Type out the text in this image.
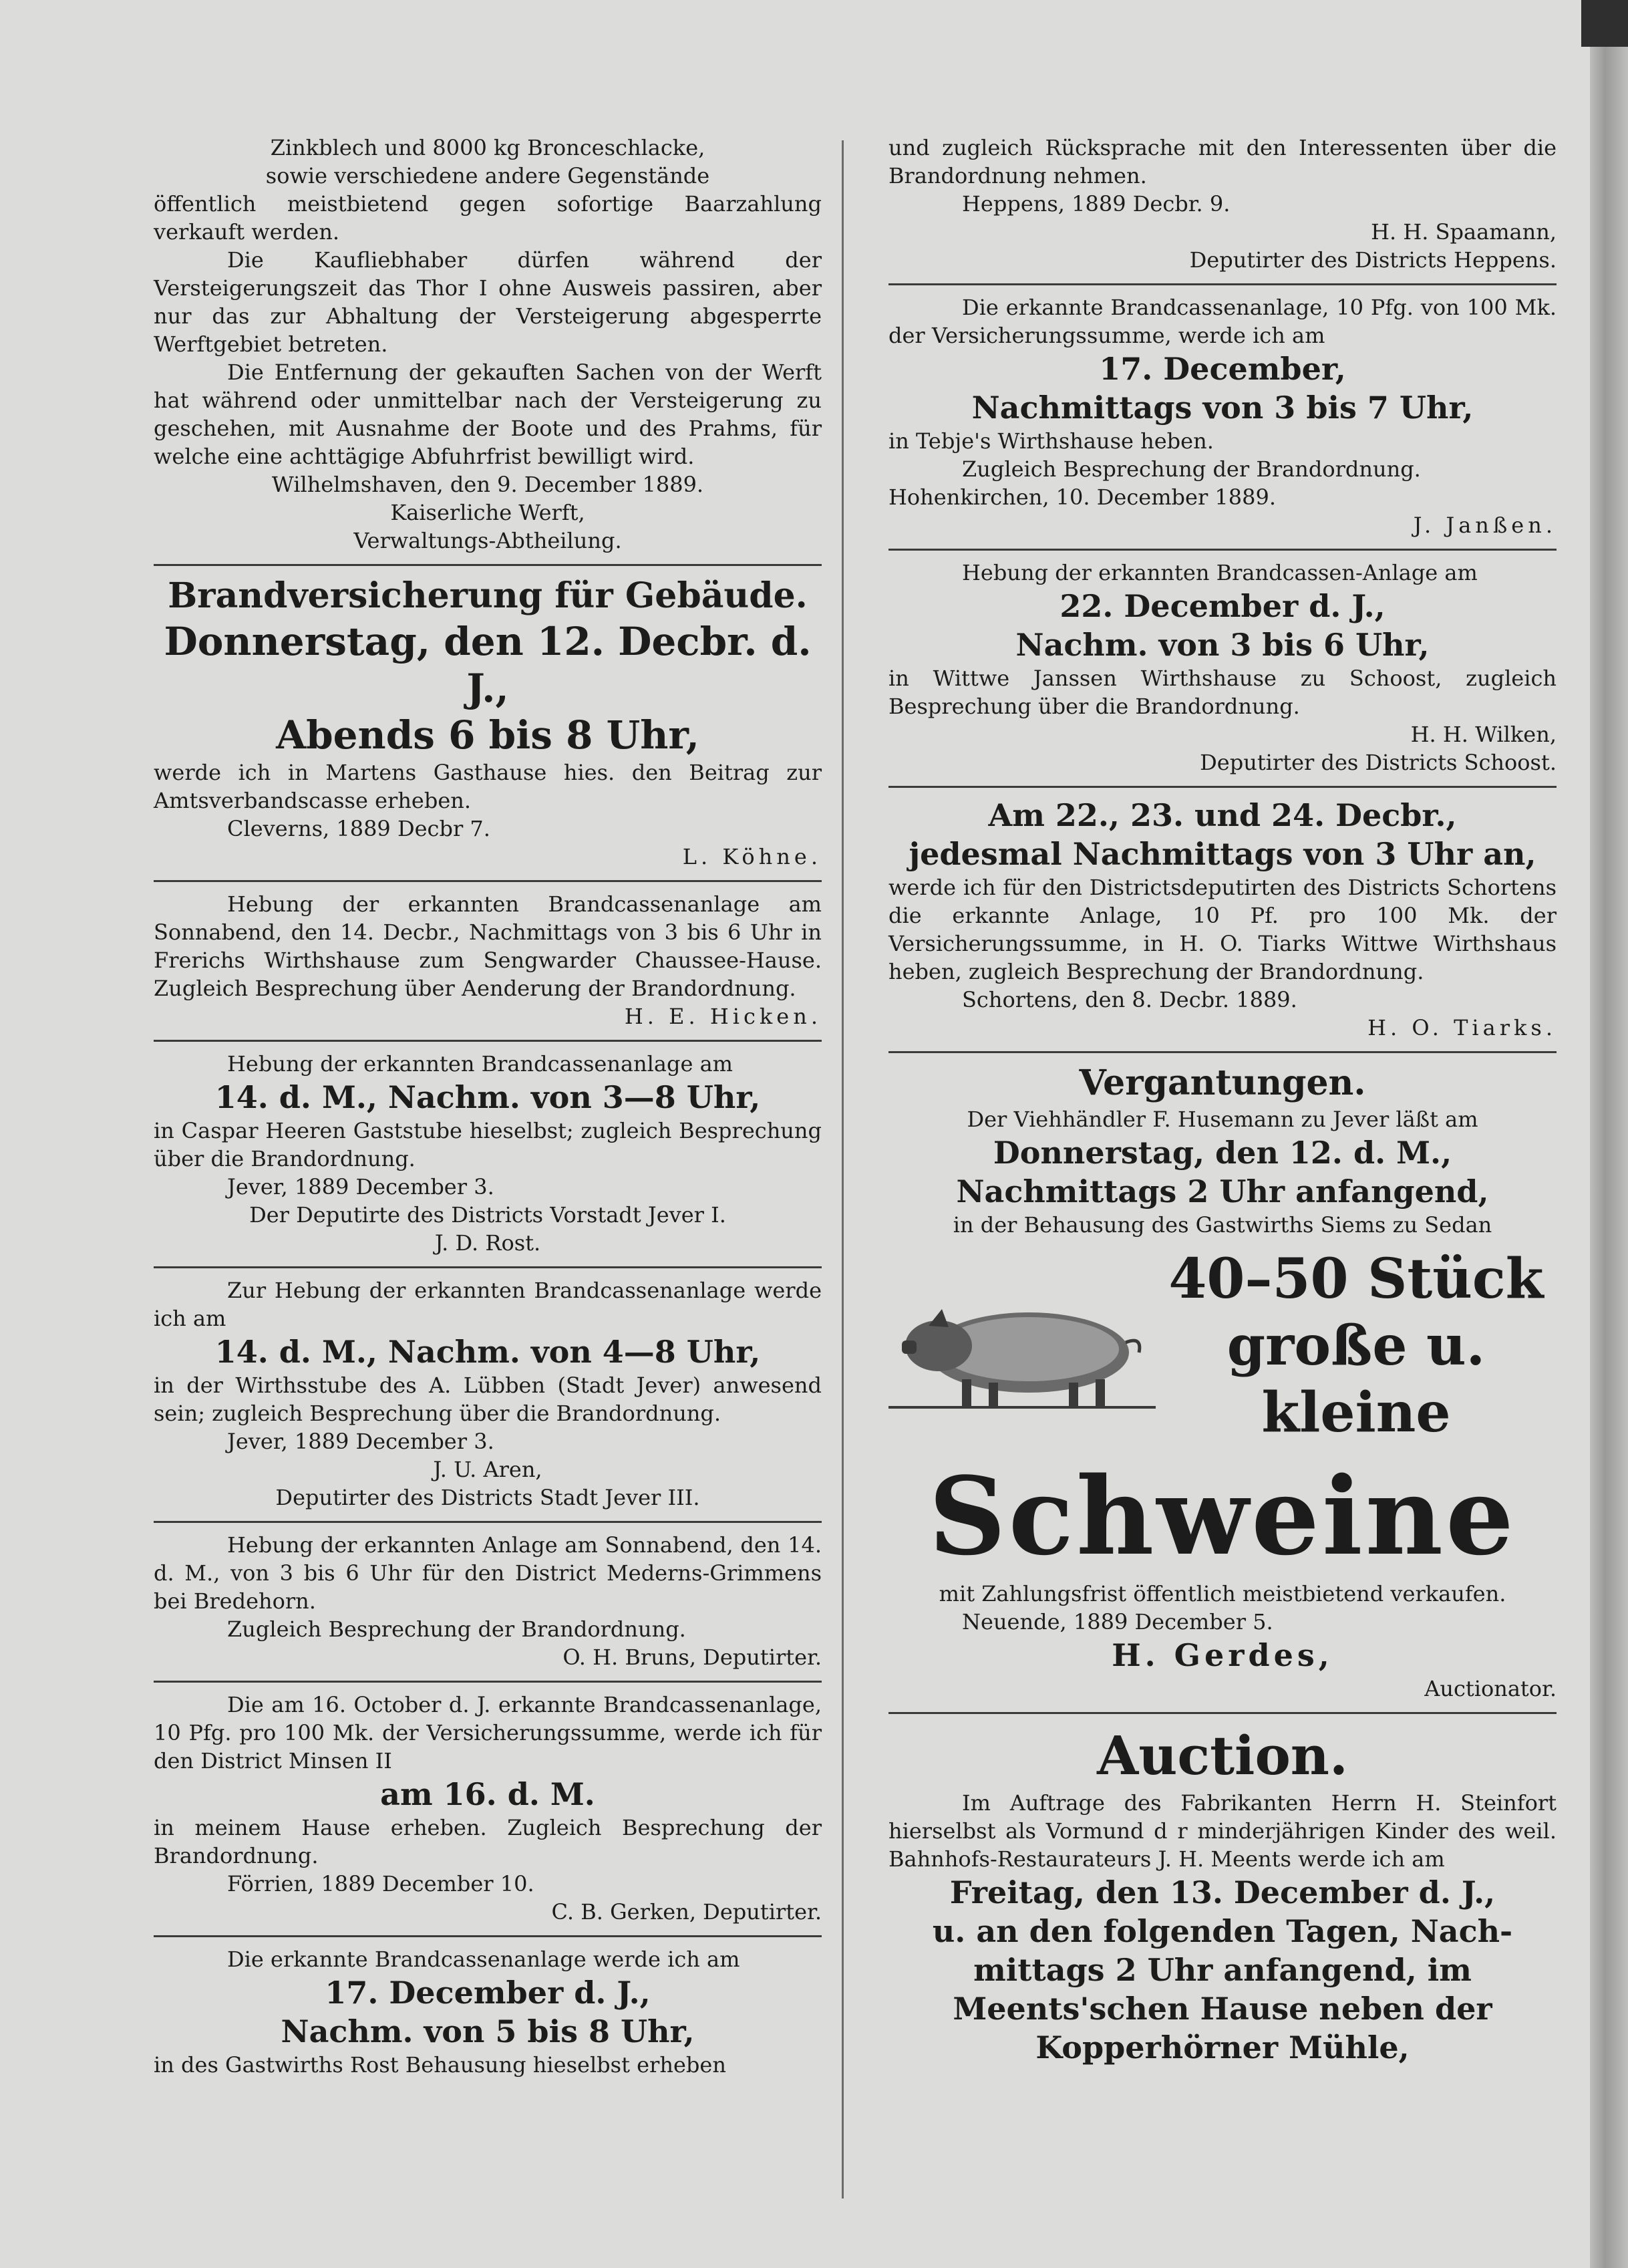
Zinkblech und 8000 kg Bronceschlacke,

sowie verschiedene andere Gegenstände

öffentlich meistbietend gegen sofortige Baarzahlung verkauft werden.

Die Kaufliebhaber dürfen während der Versteigerungszeit das Thor I ohne Ausweis passiren, aber nur das zur Abhaltung der Versteigerung abgesperrte Werftgebiet betreten.

Die Entfernung der gekauften Sachen von der Werft hat während oder unmittelbar nach der Versteigerung zu geschehen, mit Ausnahme der Boote und des Prahms, für welche eine achttägige Abfuhrfrist bewilligt wird.

Wilhelmshaven, den 9. December 1889.

Kaiserliche Werft,

Verwaltungs-Abtheilung.

Brandversicherung für Gebäude.

Donnerstag, den 12. Decbr. d. J.,

Abends 6 bis 8 Uhr,

werde ich in Martens Gasthause hies. den Beitrag zur Amtsverbandscasse erheben.

Cleverns, 1889 Decbr 7.

L. Köhne.

Hebung der erkannten Brandcassenanlage am Sonnabend, den 14. Decbr., Nachmittags von 3 bis 6 Uhr in Frerichs Wirthshause zum Sengwarder Chaussee-Hause. Zugleich Besprechung über Aenderung der Brandordnung.

H. E. Hicken.

Hebung der erkannten Brandcassenanlage am

14. d. M., Nachm. von 3—8 Uhr,

in Caspar Heeren Gaststube hieselbst; zugleich Besprechung über die Brandordnung.

Jever, 1889 December 3.

Der Deputirte des Districts Vorstadt Jever I.

J. D. Rost.

Zur Hebung der erkannten Brandcassenanlage werde ich am

14. d. M., Nachm. von 4—8 Uhr,

in der Wirthsstube des A. Lübben (Stadt Jever) anwesend sein; zugleich Besprechung über die Brandordnung.

Jever, 1889 December 3.

J. U. Aren,

Deputirter des Districts Stadt Jever III.

Hebung der erkannten Anlage am Sonnabend, den 14. d. M., von 3 bis 6 Uhr für den District Mederns-Grimmens bei Bredehorn.

Zugleich Besprechung der Brandordnung.

O. H. Bruns, Deputirter.

Die am 16. October d. J. erkannte Brandcassenanlage, 10 Pfg. pro 100 Mk. der Versicherungssumme, werde ich für den District Minsen II

am 16. d. M.

in meinem Hause erheben. Zugleich Besprechung der Brandordnung.

Förrien, 1889 December 10.

C. B. Gerken, Deputirter.

Die erkannte Brandcassenanlage werde ich am

17. December d. J.,

Nachm. von 5 bis 8 Uhr,

in des Gastwirths Rost Behausung hieselbst erheben

und zugleich Rücksprache mit den Interessenten über die Brandordnung nehmen.

Heppens, 1889 Decbr. 9.

H. H. Spaamann,

Deputirter des Districts Heppens.

Die erkannte Brandcassenanlage, 10 Pfg. von 100 Mk. der Versicherungssumme, werde ich am

17. December,

Nachmittags von 3 bis 7 Uhr,

in Tebje's Wirthshause heben.

Zugleich Besprechung der Brandordnung.

Hohenkirchen, 10. December 1889.

J. Janßen.

Hebung der erkannten Brandcassen-Anlage am

22. December d. J.,

Nachm. von 3 bis 6 Uhr,

in Wittwe Janssen Wirthshause zu Schoost, zugleich Besprechung über die Brandordnung.

H. H. Wilken,

Deputirter des Districts Schoost.

Am 22., 23. und 24. Decbr.,

jedesmal Nachmittags von 3 Uhr an,

werde ich für den Districtsdeputirten des Districts Schortens die erkannte Anlage, 10 Pf. pro 100 Mk. der Versicherungssumme, in H. O. Tiarks Wittwe Wirthshaus heben, zugleich Besprechung der Brandordnung.

Schortens, den 8. Decbr. 1889.

H. O. Tiarks.

Vergantungen.

Der Viehhändler F. Husemann zu Jever läßt am

Donnerstag, den 12. d. M.,

Nachmittags 2 Uhr anfangend,

in der Behausung des Gastwirths Siems zu Sedan

40–50 Stück

große u. kleine

Schweine

mit Zahlungsfrist öffentlich meistbietend verkaufen.

Neuende, 1889 December 5.

H. Gerdes,

Auctionator.

Auction.

Im Auftrage des Fabrikanten Herrn H. Steinfort hierselbst als Vormund d r minderjährigen Kinder des weil. Bahnhofs-Restaurateurs J. H. Meents werde ich am

Freitag, den 13. December d. J.,

u. an den folgenden Tagen, Nach-

mittags 2 Uhr anfangend, im

Meents'schen Hause neben der

Kopperhörner Mühle,
